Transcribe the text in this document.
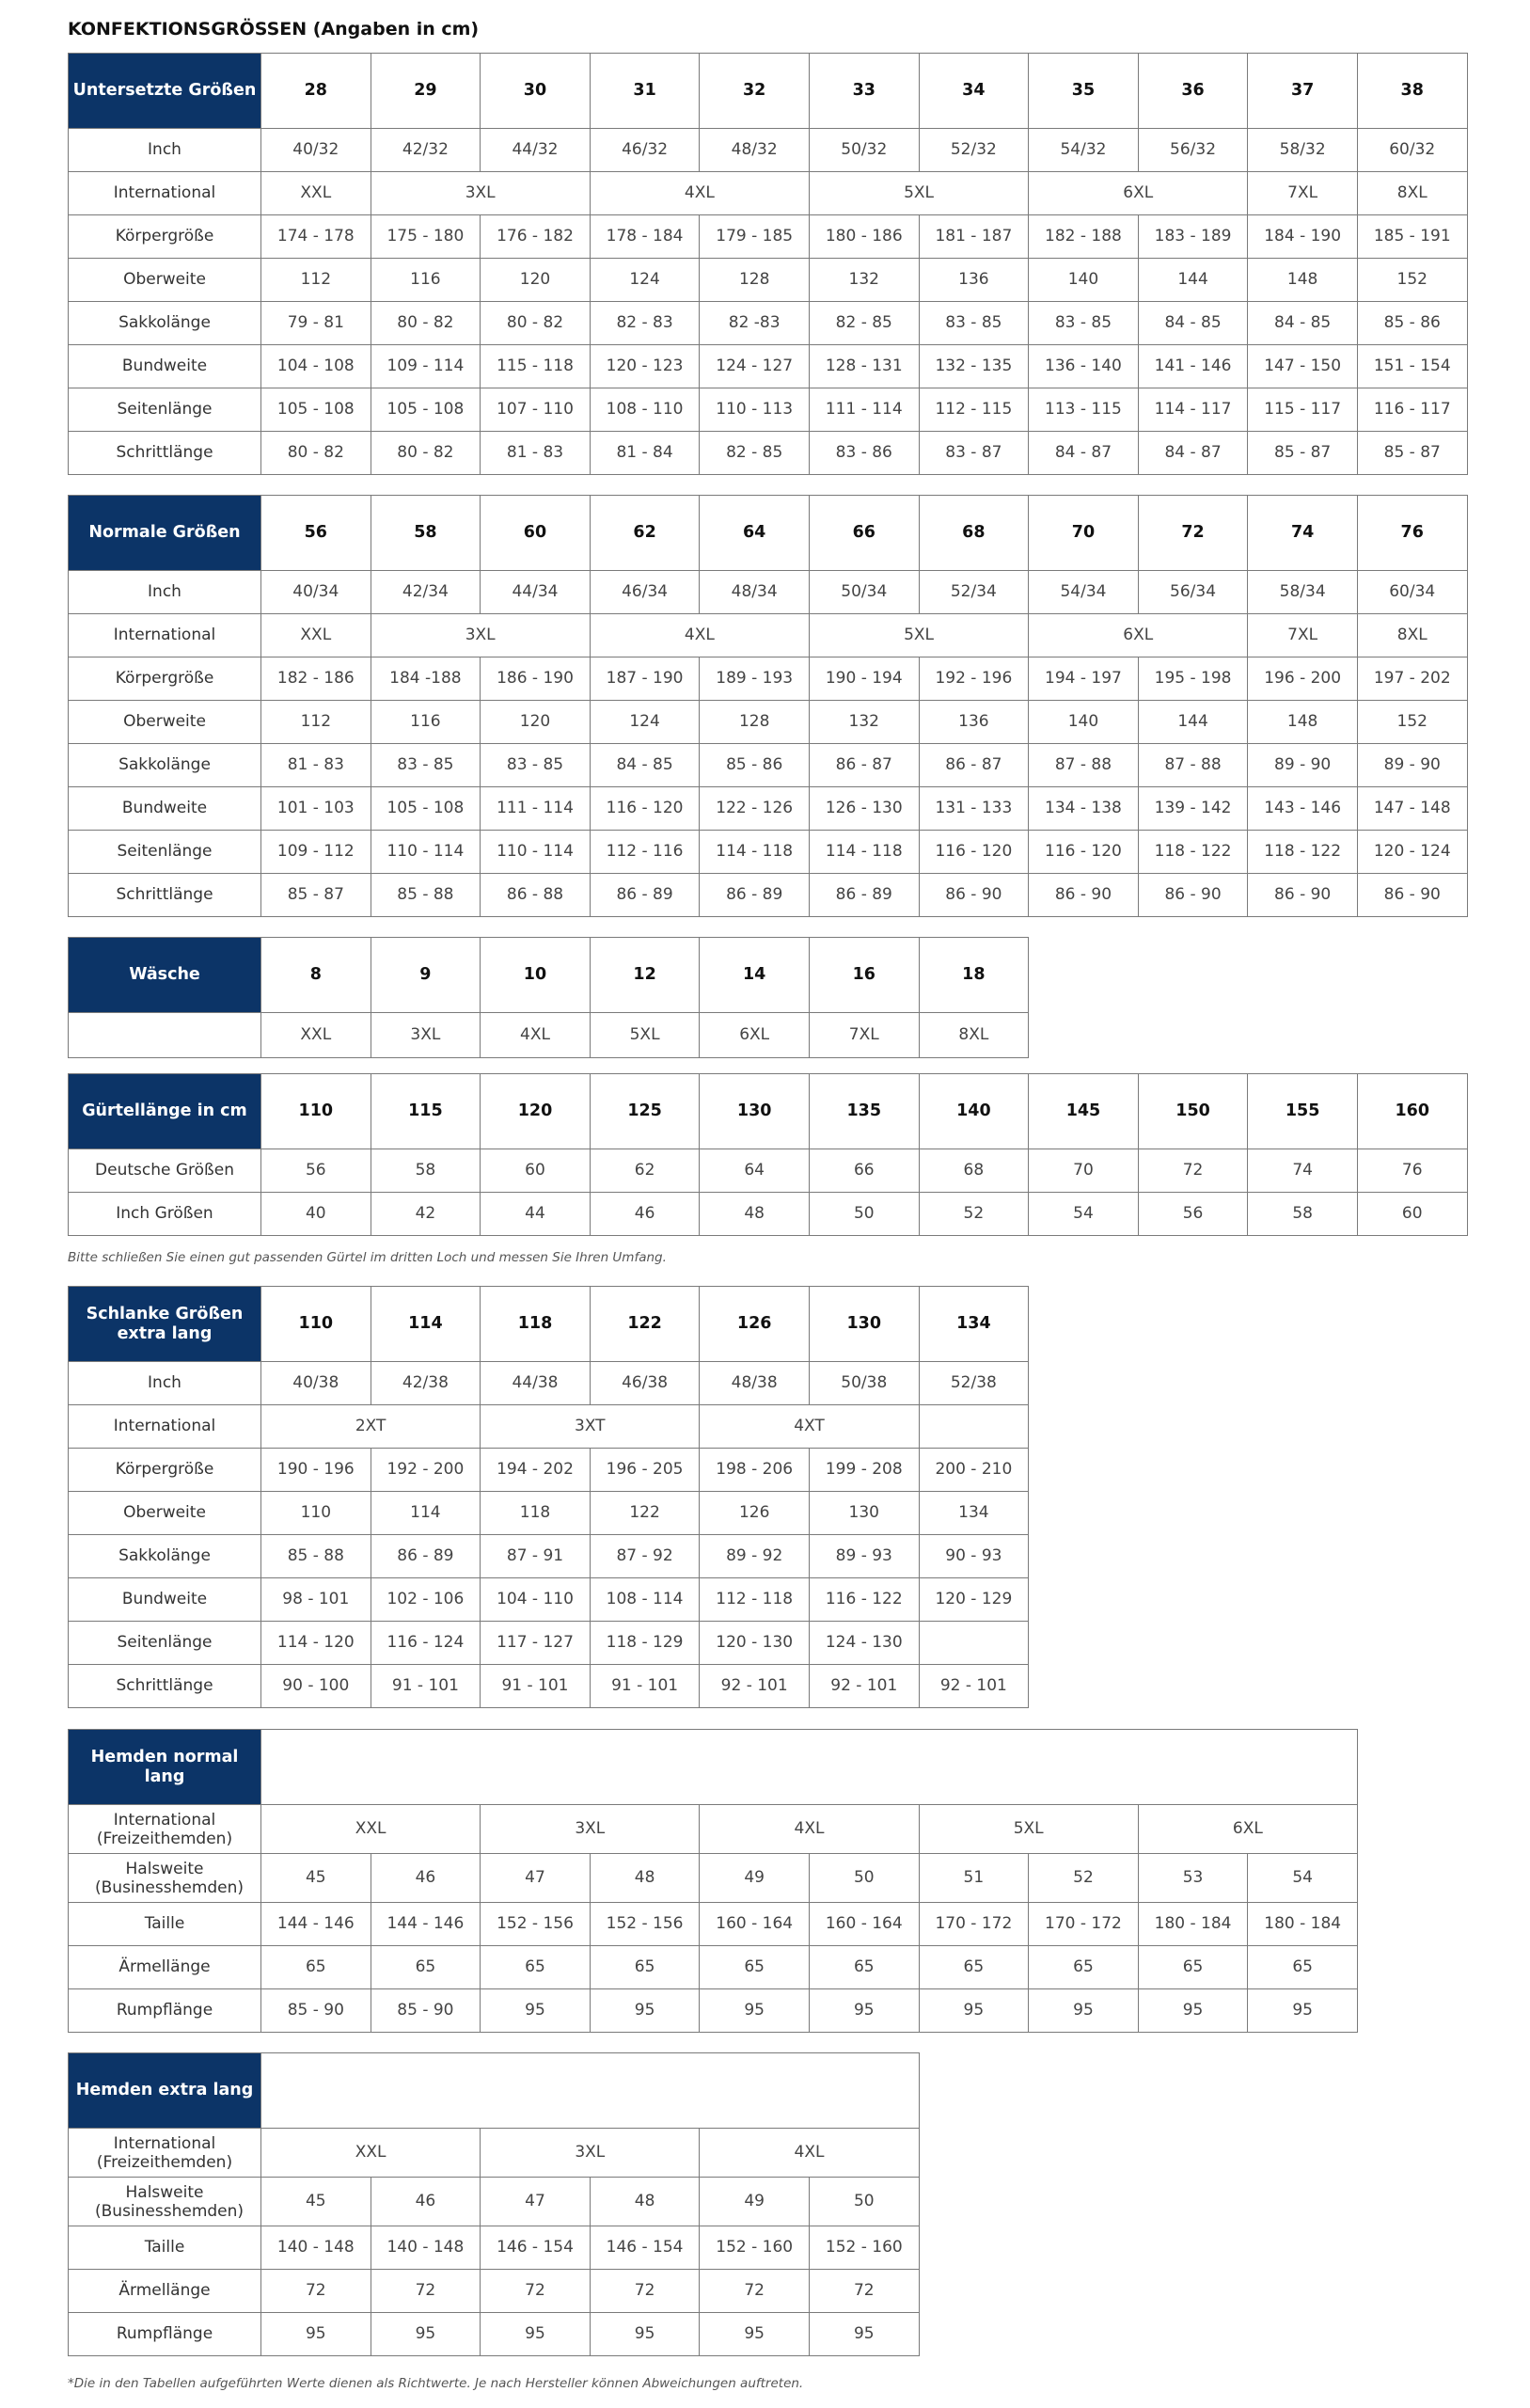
KONFEKTIONSGRÖSSEN (Angaben in cm)
Untersetzte Größen	28	29	30	31	32	33	34	35	36	37	38
Inch	40/32	42/32	44/32	46/32	48/32	50/32	52/32	54/32	56/32	58/32	60/32
International	XXL	3XL		4XL		5XL		6XL		7XL	8XL
Körpergröße	174 - 178	175 - 180	176 - 182	178 - 184	179 - 185	180 - 186	181 - 187	182 - 188	183 - 189	184 - 190	185 - 191
Oberweite	112	116	120	124	128	132	136	140	144	148	152
Sakkolänge	79 - 81	80 - 82	80 - 82	82 - 83	82 -83	82 - 85	83 - 85	83 - 85	84 - 85	84 - 85	85 - 86
Bundweite	104 - 108	109 - 114	115 - 118	120 - 123	124 - 127	128 - 131	132 - 135	136 - 140	141 - 146	147 - 150	151 - 154
Seitenlänge	105 - 108	105 - 108	107 - 110	108 - 110	110 - 113	111 - 114	112 - 115	113 - 115	114 - 117	115 - 117	116 - 117
Schrittlänge	80 - 82	80 - 82	81 - 83	81 - 84	82 - 85	83 - 86	83 - 87	84 - 87	84 - 87	85 - 87	85 - 87
Normale Größen	56	58	60	62	64	66	68	70	72	74	76
Inch	40/34	42/34	44/34	46/34	48/34	50/34	52/34	54/34	56/34	58/34	60/34
International	XXL	3XL		4XL		5XL		6XL		7XL	8XL
Körpergröße	182 - 186	184 -188	186 - 190	187 - 190	189 - 193	190 - 194	192 - 196	194 - 197	195 - 198	196 - 200	197 - 202
Oberweite	112	116	120	124	128	132	136	140	144	148	152
Sakkolänge	81 - 83	83 - 85	83 - 85	84 - 85	85 - 86	86 - 87	86 - 87	87 - 88	87 - 88	89 - 90	89 - 90
Bundweite	101 - 103	105 - 108	111 - 114	116 - 120	122 - 126	126 - 130	131 - 133	134 - 138	139 - 142	143 - 146	147 - 148
Seitenlänge	109 - 112	110 - 114	110 - 114	112 - 116	114 - 118	114 - 118	116 - 120	116 - 120	118 - 122	118 - 122	120 - 124
Schrittlänge	85 - 87	85 - 88	86 - 88	86 - 89	86 - 89	86 - 89	86 - 90	86 - 90	86 - 90	86 - 90	86 - 90
Wäsche	8	9	10	12	14	16	18
	XXL	3XL	4XL	5XL	6XL	7XL	8XL
Gürtellänge in cm	110	115	120	125	130	135	140	145	150	155	160
Deutsche Größen	56	58	60	62	64	66	68	70	72	74	76
Inch Größen	40	42	44	46	48	50	52	54	56	58	60
Bitte schließen Sie einen gut passenden Gürtel im dritten Loch und messen Sie Ihren Umfang.
Schlanke Größen extra lang	110	114	118	122	126	130	134
Inch	40/38	42/38	44/38	46/38	48/38	50/38	52/38
International	2XT		3XT		4XT		
Körpergröße	190 - 196	192 - 200	194 - 202	196 - 205	198 - 206	199 - 208	200 - 210
Oberweite	110	114	118	122	126	130	134
Sakkolänge	85 - 88	86 - 89	87 - 91	87 - 92	89 - 92	89 - 93	90 - 93
Bundweite	98 - 101	102 - 106	104 - 110	108 - 114	112 - 118	116 - 122	120 - 129
Seitenlänge	114 - 120	116 - 124	117 - 127	118 - 129	120 - 130	124 - 130	
Schrittlänge	90 - 100	91 - 101	91 - 101	91 - 101	92 - 101	92 - 101	92 - 101
Hemden normal lang										
International (Freizeithemden)	XXL		3XL		4XL		5XL		6XL	
Halsweite (Businesshemden)	45	46	47	48	49	50	51	52	53	54
Taille	144 - 146	144 - 146	152 - 156	152 - 156	160 - 164	160 - 164	170 - 172	170 - 172	180 - 184	180 - 184
Ärmellänge	65	65	65	65	65	65	65	65	65	65
Rumpflänge	85 - 90	85 - 90	95	95	95	95	95	95	95	95
Hemden extra lang						
International (Freizeithemden)	XXL		3XL		4XL	
Halsweite (Businesshemden)	45	46	47	48	49	50
Taille	140 - 148	140 - 148	146 - 154	146 - 154	152 - 160	152 - 160
Ärmellänge	72	72	72	72	72	72
Rumpflänge	95	95	95	95	95	95
*Die in den Tabellen aufgeführten Werte dienen als Richtwerte. Je nach Hersteller können Abweichungen auftreten.
